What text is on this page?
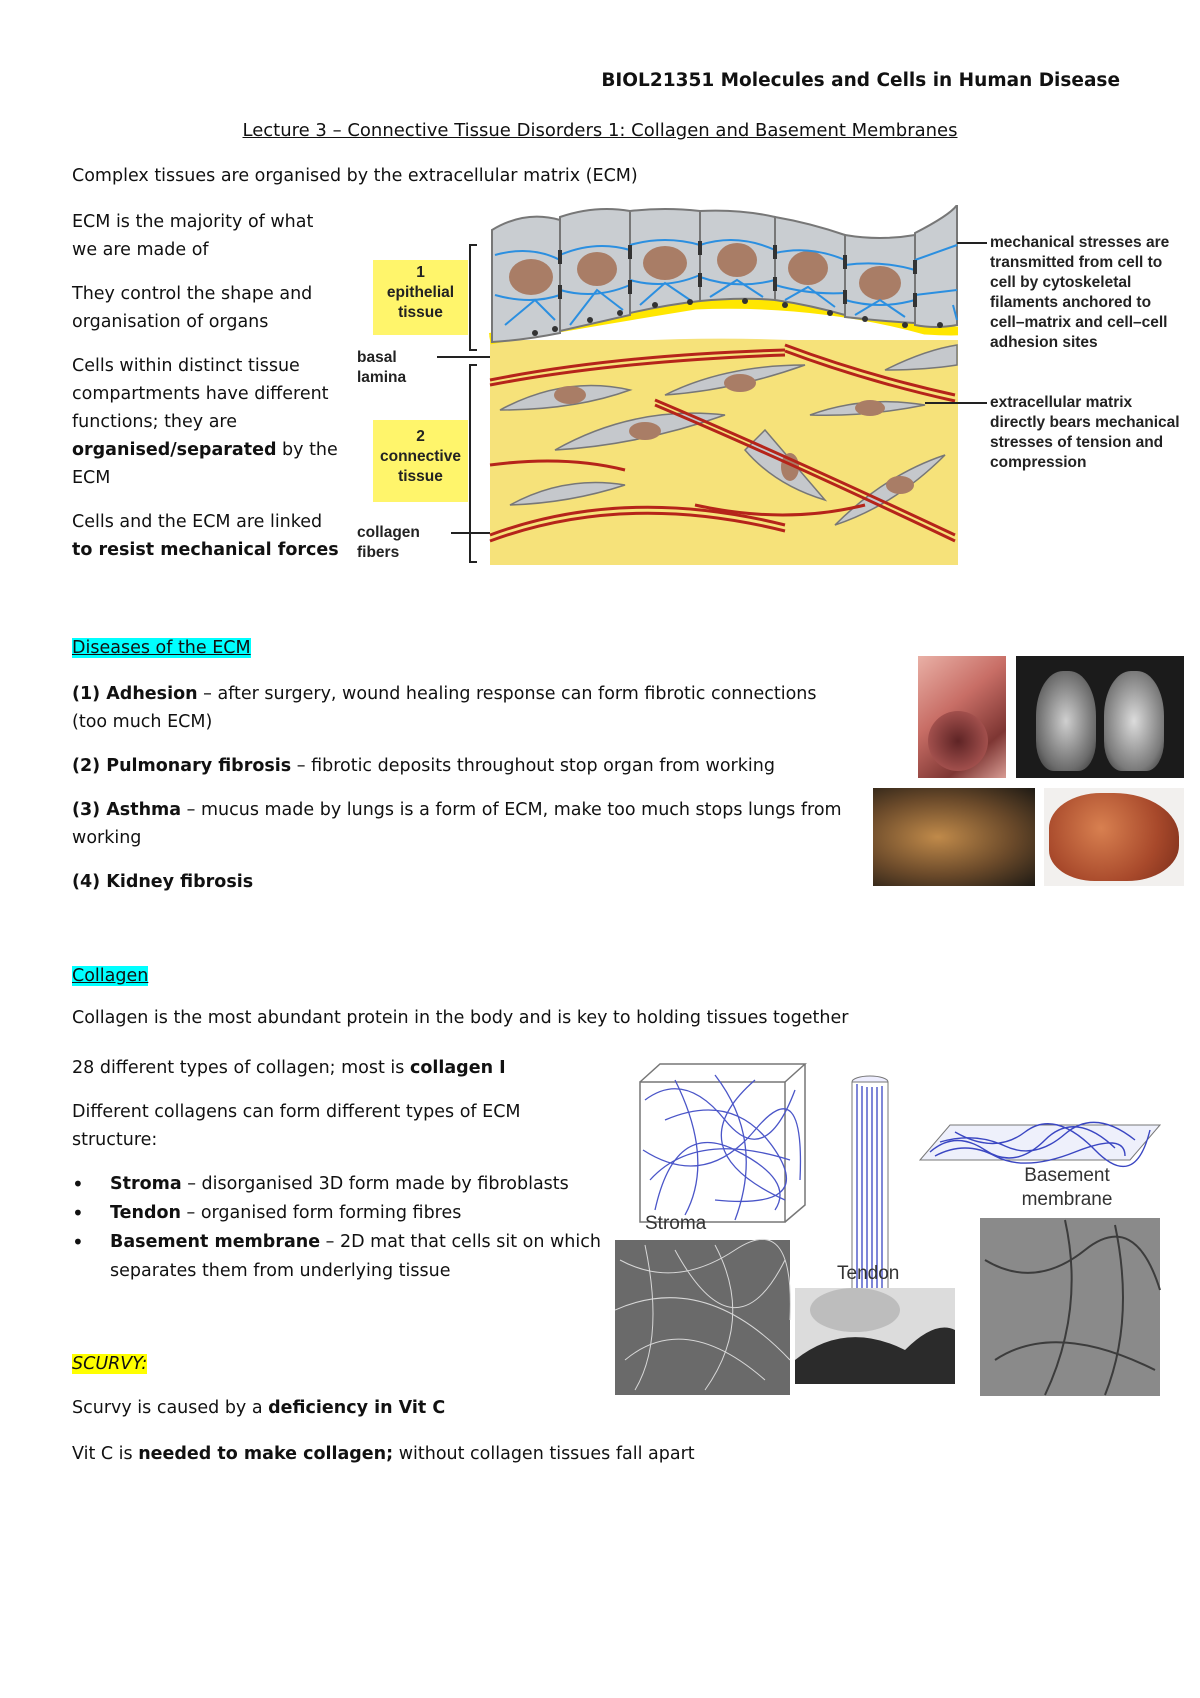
BIOL21351 Molecules and Cells in Human Disease
Lecture 3 – Connective Tissue Disorders 1: Collagen and Basement Membranes
Complex tissues are organised by the extracellular matrix (ECM)

ECM is the majority of what we are made of

They control the shape and organisation of organs

Cells within distinct tissue compartments have different functions; they are organised/separated by the ECM

Cells and the ECM are linked to resist mechanical forces

1
epithelial tissue
basal lamina
2
connective tissue
collagen fibers
mechanical stresses are transmitted from cell to cell by cytoskeletal filaments anchored to cell–matrix and cell–cell adhesion sites
extracellular matrix directly bears mechanical stresses of tension and compression
Diseases of the ECM

(1) Adhesion – after surgery, wound healing response can form fibrotic connections (too much ECM)

(2) Pulmonary fibrosis – fibrotic deposits throughout stop organ from working

(3) Asthma – mucus made by lungs is a form of ECM, make too much stops lungs from working

(4) Kidney fibrosis

Collagen
Collagen is the most abundant protein in the body and is key to holding tissues together

28 different types of collagen; most is collagen I

Different collagens can form different types of ECM structure:

• Stroma – disorganised 3D form made by fibroblasts
• Tendon – organised form forming fibres
• Basement membrane – 2D mat that cells sit on which separates them from underlying tissue
Stroma
Tendon
Basement membrane
SCURVY:
Scurvy is caused by a deficiency in Vit C
Vit C is needed to make collagen; without collagen tissues fall apart
